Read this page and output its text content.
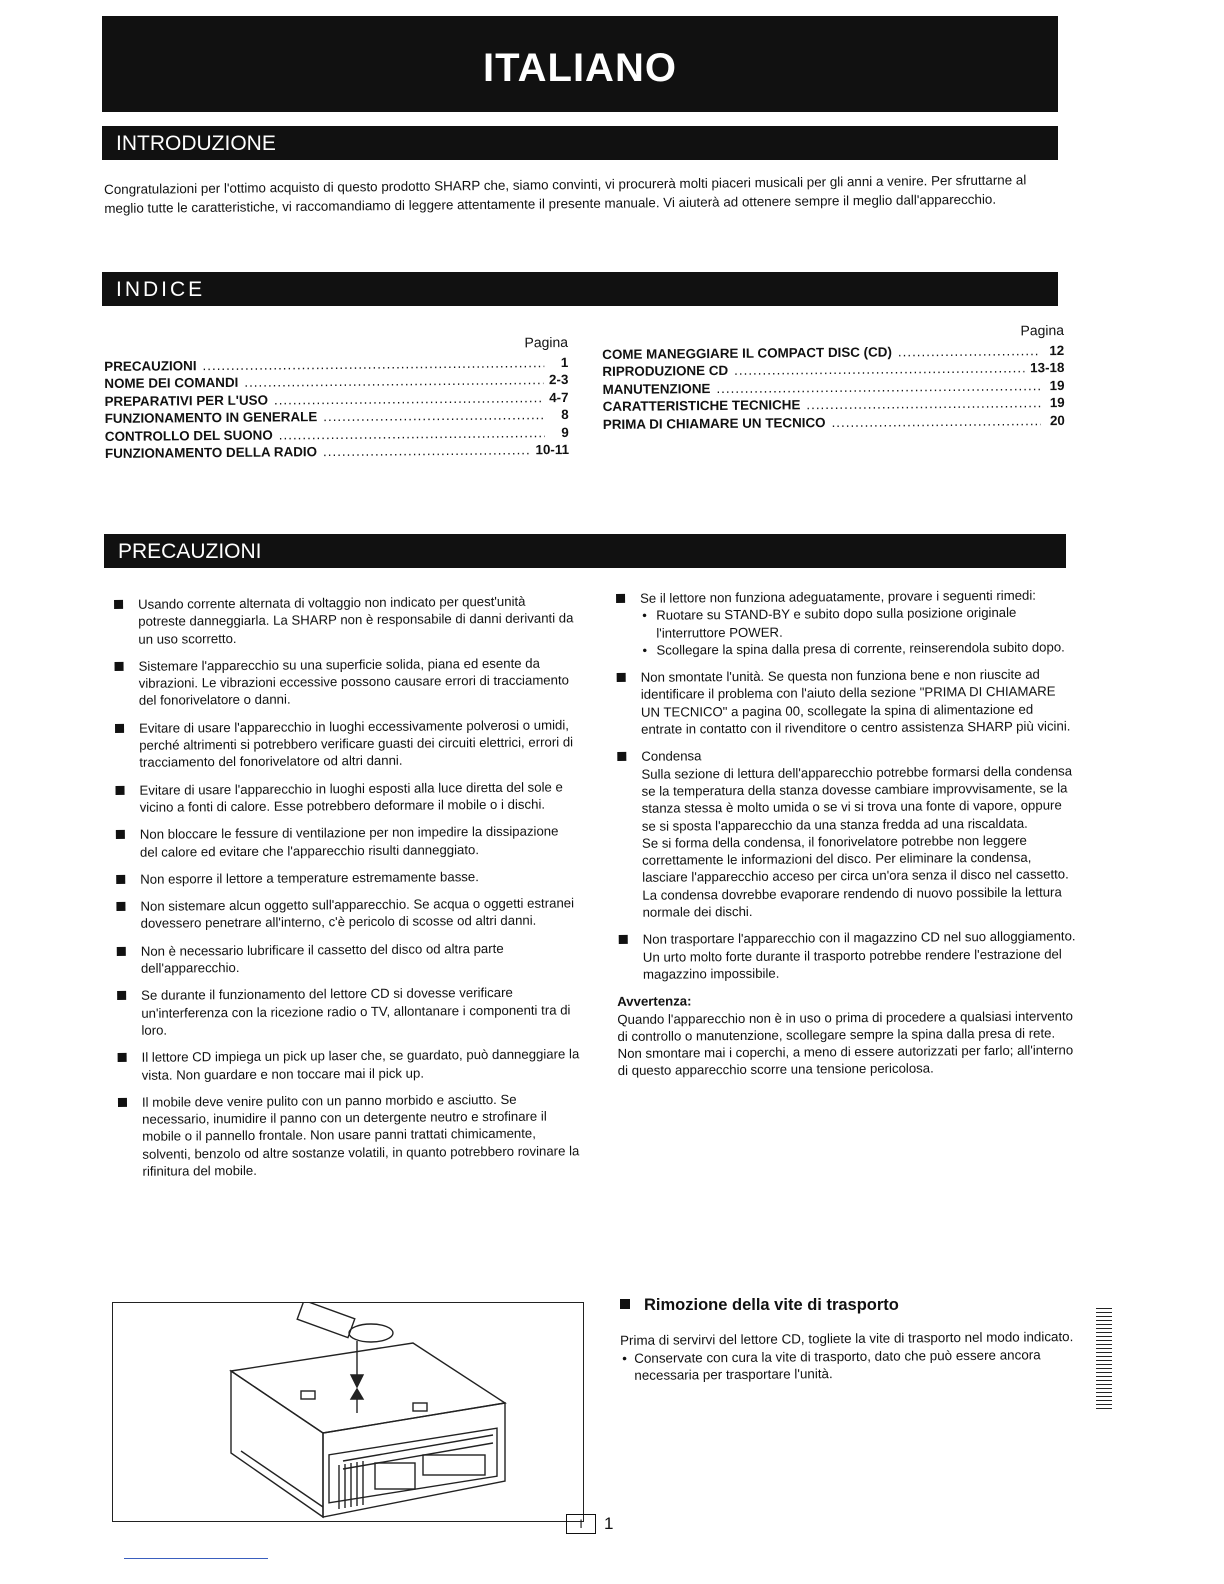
ITALIANO
INTRODUZIONE
Congratulazioni per l'ottimo acquisto di questo prodotto SHARP che, siamo convinti, vi procurerà molti piaceri musicali per gli anni a venire. Per sfruttarne al meglio tutte le caratteristiche, vi raccomandiamo di leggere attentamente il presente manuale. Vi aiuterà ad ottenere sempre il meglio dall'apparecchio.
INDICE
Pagina
PRECAUZIONI .....	1
NOME DEI COMANDI .....	2-3
PREPARATIVI PER L'USO .....	4-7
FUNZIONAMENTO IN GENERALE .....	8
CONTROLLO DEL SUONO .....	9
FUNZIONAMENTO DELLA RADIO .....	10-11
Pagina
COME MANEGGIARE IL COMPACT DISC (CD) .....	12
RIPRODUZIONE CD .....	13-18
MANUTENZIONE .....	19
CARATTERISTICHE TECNICHE .....	19
PRIMA DI CHIAMARE UN TECNICO .....	20
PRECAUZIONI
Usando corrente alternata di voltaggio non indicato per quest'unità potreste danneggiarla. La SHARP non è responsabile di danni derivanti da un uso scorretto.
Sistemare l'apparecchio su una superficie solida, piana ed esente da vibrazioni. Le vibrazioni eccessive possono causare errori di tracciamento del fonorivelatore o danni.
Evitare di usare l'apparecchio in luoghi eccessivamente polverosi o umidi, perché altrimenti si potrebbero verificare guasti dei circuiti elettrici, errori di tracciamento del fonorivelatore od altri danni.
Evitare di usare l'apparecchio in luoghi esposti alla luce diretta del sole e vicino a fonti di calore. Esse potrebbero deformare il mobile o i dischi.
Non bloccare le fessure di ventilazione per non impedire la dissipazione del calore ed evitare che l'apparecchio risulti danneggiato.
Non esporre il lettore a temperature estremamente basse.
Non sistemare alcun oggetto sull'apparecchio. Se acqua o oggetti estranei dovessero penetrare all'interno, c'è pericolo di scosse od altri danni.
Non è necessario lubrificare il cassetto del disco od altra parte dell'apparecchio.
Se durante il funzionamento del lettore CD si dovesse verificare un'interferenza con la ricezione radio o TV, allontanare i componenti tra di loro.
Il lettore CD impiega un pick up laser che, se guardato, può danneggiare la vista. Non guardare e non toccare mai il pick up.
Il mobile deve venire pulito con un panno morbido e asciutto. Se necessario, inumidire il panno con un detergente neutro e strofinare il mobile o il pannello frontale. Non usare panni trattati chimicamente, solventi, benzolo od altre sostanze volatili, in quanto potrebbero rovinare la rifinitura del mobile.
Se il lettore non funziona adeguatamente, provare i seguenti rimedi:
• Ruotare su STAND-BY e subito dopo sulla posizione originale l'interruttore POWER.
• Scollegare la spina dalla presa di corrente, reinserendola subito dopo.
Non smontate l'unità. Se questa non funziona bene e non riuscite ad identificare il problema con l'aiuto della sezione "PRIMA DI CHIAMARE UN TECNICO" a pagina 00, scollegate la spina di alimentazione ed entrate in contatto con il rivenditore o centro assistenza SHARP più vicini.
Condensa
Sulla sezione di lettura dell'apparecchio potrebbe formarsi della condensa se la temperatura della stanza dovesse cambiare improvvisamente, se la stanza stessa è molto umida o se vi si trova una fonte di vapore, oppure se si sposta l'apparecchio da una stanza fredda ad una riscaldata.
Se si forma della condensa, il fonorivelatore potrebbe non leggere correttamente le informazioni del disco. Per eliminare la condensa, lasciare l'apparecchio acceso per circa un'ora senza il disco nel cassetto. La condensa dovrebbe evaporare rendendo di nuovo possibile la lettura normale dei dischi.
Non trasportare l'apparecchio con il magazzino CD nel suo alloggiamento. Un urto molto forte durante il trasporto potrebbe rendere l'estrazione del magazzino impossibile.
Avvertenza:
Quando l'apparecchio non è in uso o prima di procedere a qualsiasi intervento di controllo o manutenzione, scollegare sempre la spina dalla presa di rete. Non smontare mai i coperchi, a meno di essere autorizzati per farlo; all'interno di questo apparecchio scorre una tensione pericolosa.
Rimozione della vite di trasporto
Prima di servirvi del lettore CD, togliete la vite di trasporto nel modo indicato.
• Conservate con cura la vite di trasporto, dato che può essere ancora necessaria per trasportare l'unità.
I	1
